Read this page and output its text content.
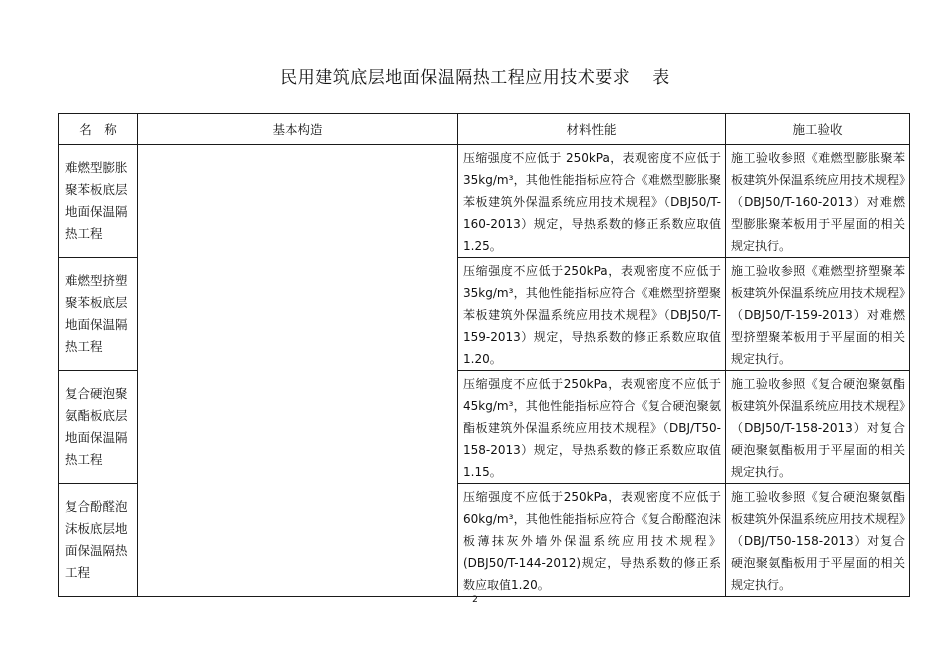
民用建筑底层地面保温隔热工程应用技术要求 表
名　称	基本构造	材料性能	施工验收

难燃型膨胀
聚苯板底层
地面保温隔
热工程		压缩强度不应低于 250kPa，表观密度不应低于　35kg/m³，其他性能指标应符合《难燃型膨胀聚苯板建筑外保温系统应用技术规程》（DBJ50/T-160-2013）规定，导热系数的修正系数应取值 1.25。	施工验收参照《难燃型膨胀聚苯板建筑外保温系统应用技术规程》（DBJ50/T-160-2013）对难燃型膨胀聚苯板用于平屋面的相关规定执行。

难燃型挤塑
聚苯板底层
地面保温隔
热工程		压缩强度不应低于250kPa，表观密度不应低于　35kg/m³，其他性能指标应符合《难燃型挤塑聚苯板建筑外保温系统应用技术规程》（DBJ50/T-159-2013）规定，导热系数的修正系数应取值 1.20。	施工验收参照《难燃型挤塑聚苯板建筑外保温系统应用技术规程》（DBJ50/T-159-2013）对难燃型挤塑聚苯板用于平屋面的相关规定执行。

复合硬泡聚
氨酯板底层
地面保温隔
热工程		压缩强度不应低于250kPa，表观密度不应低于　45kg/m³，其他性能指标应符合《复合硬泡聚氨酯板建筑外保温系统应用技术规程》（DBJ/T50-158-2013）规定，导热系数的修正系数应取值 1.15。	施工验收参照《复合硬泡聚氨酯板建筑外保温系统应用技术规程》（DBJ50/T-158-2013）对复合硬泡聚氨酯板用于平屋面的相关规定执行。

复合酚醛泡
沫板底层地
面保温隔热
工程		压缩强度不应低于250kPa，表观密度不应低于　60kg/m³，其他性能指标应符合《复合酚醛泡沫板薄抹灰外墙外保温系统应用技术规程》(DBJ50/T-144-2012)规定，导热系数的修正系数应取值1.20。	施工验收参照《复合硬泡聚氨酯板建筑外保温系统应用技术规程》（DBJ/T50-158-2013）对复合硬泡聚氨酯板用于平屋面的相关规定执行。
2
